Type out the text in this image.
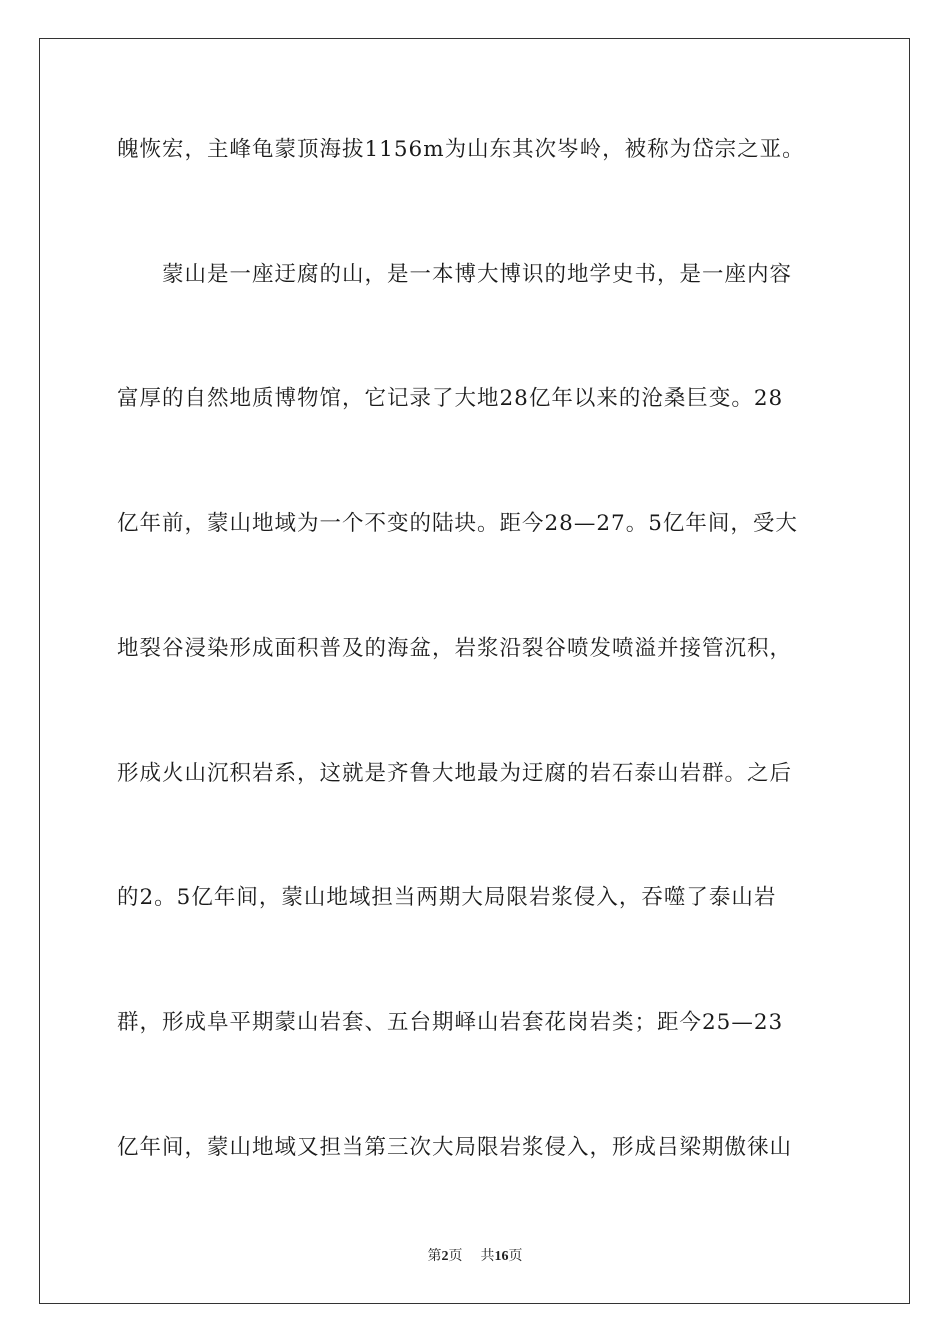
魄恢宏，主峰龟蒙顶海拔1156m为山东其次岑岭，被称为岱宗之亚。
　　蒙山是一座迂腐的山，是一本博大博识的地学史书，是一座内容
富厚的自然地质博物馆，它记录了大地28亿年以来的沧桑巨变。28
亿年前，蒙山地域为一个不变的陆块。距今28—27。5亿年间，受大
地裂谷浸染形成面积普及的海盆，岩浆沿裂谷喷发喷溢并接管沉积，
形成火山沉积岩系，这就是齐鲁大地最为迂腐的岩石泰山岩群。之后
的2。5亿年间，蒙山地域担当两期大局限岩浆侵入，吞噬了泰山岩
群，形成阜平期蒙山岩套、五台期峄山岩套花岗岩类；距今25—23
亿年间，蒙山地域又担当第三次大局限岩浆侵入，形成吕梁期傲徕山
第2页 共16页
